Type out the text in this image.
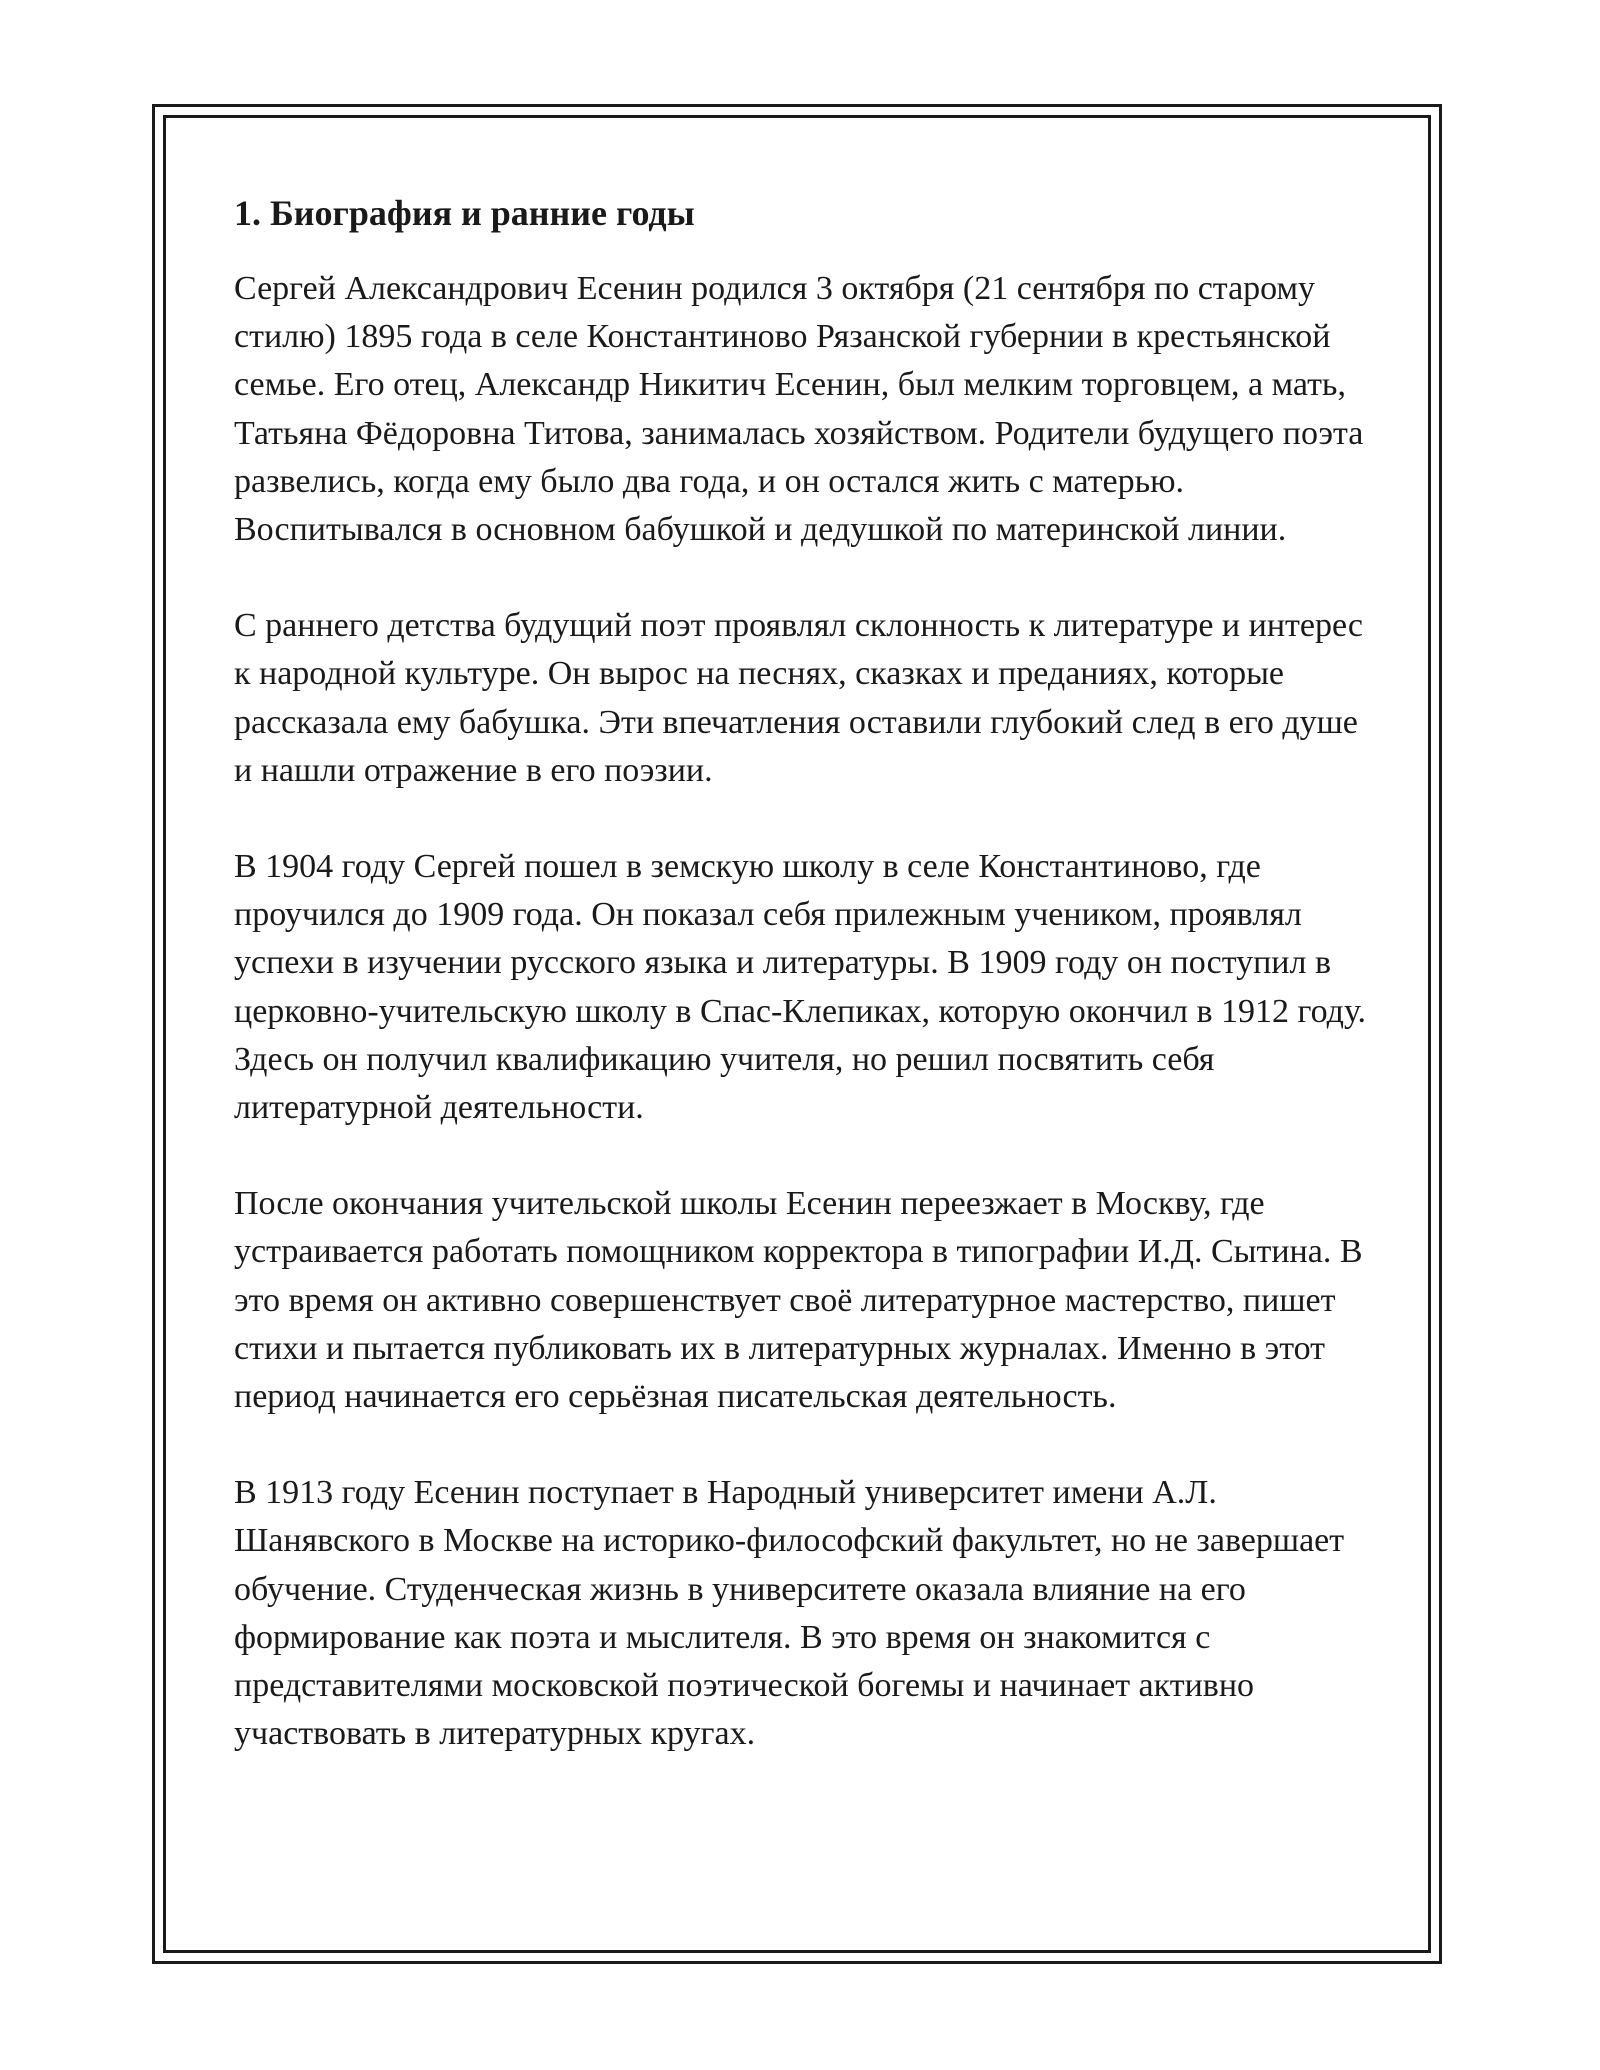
1. Биография и ранние годы

Сергей Александрович Есенин родился 3 октября (21 сентября по старому стилю) 1895 года в селе Константиново Рязанской губернии в крестьянской семье. Его отец, Александр Никитич Есенин, был мелким торговцем, а мать, Татьяна Фёдоровна Титова, занималась хозяйством. Родители будущего поэта развелись, когда ему было два года, и он остался жить с матерью. Воспитывался в основном бабушкой и дедушкой по материнской линии.

С раннего детства будущий поэт проявлял склонность к литературе и интерес к народной культуре. Он вырос на песнях, сказках и преданиях, которые рассказала ему бабушка. Эти впечатления оставили глубокий след в его душе и нашли отражение в его поэзии.

В 1904 году Сергей пошел в земскую школу в селе Константиново, где проучился до 1909 года. Он показал себя прилежным учеником, проявлял успехи в изучении русского языка и литературы. В 1909 году он поступил в церковно-учительскую школу в Спас-Клепиках, которую окончил в 1912 году. Здесь он получил квалификацию учителя, но решил посвятить себя литературной деятельности.

После окончания учительской школы Есенин переезжает в Москву, где устраивается работать помощником корректора в типографии И.Д. Сытина. В это время он активно совершенствует своё литературное мастерство, пишет стихи и пытается публиковать их в литературных журналах. Именно в этот период начинается его серьёзная писательская деятельность.

В 1913 году Есенин поступает в Народный университет имени А.Л. Шанявского в Москве на историко-философский факультет, но не завершает обучение. Студенческая жизнь в университете оказала влияние на его формирование как поэта и мыслителя. В это время он знакомится с представителями московской поэтической богемы и начинает активно участвовать в литературных кругах.
